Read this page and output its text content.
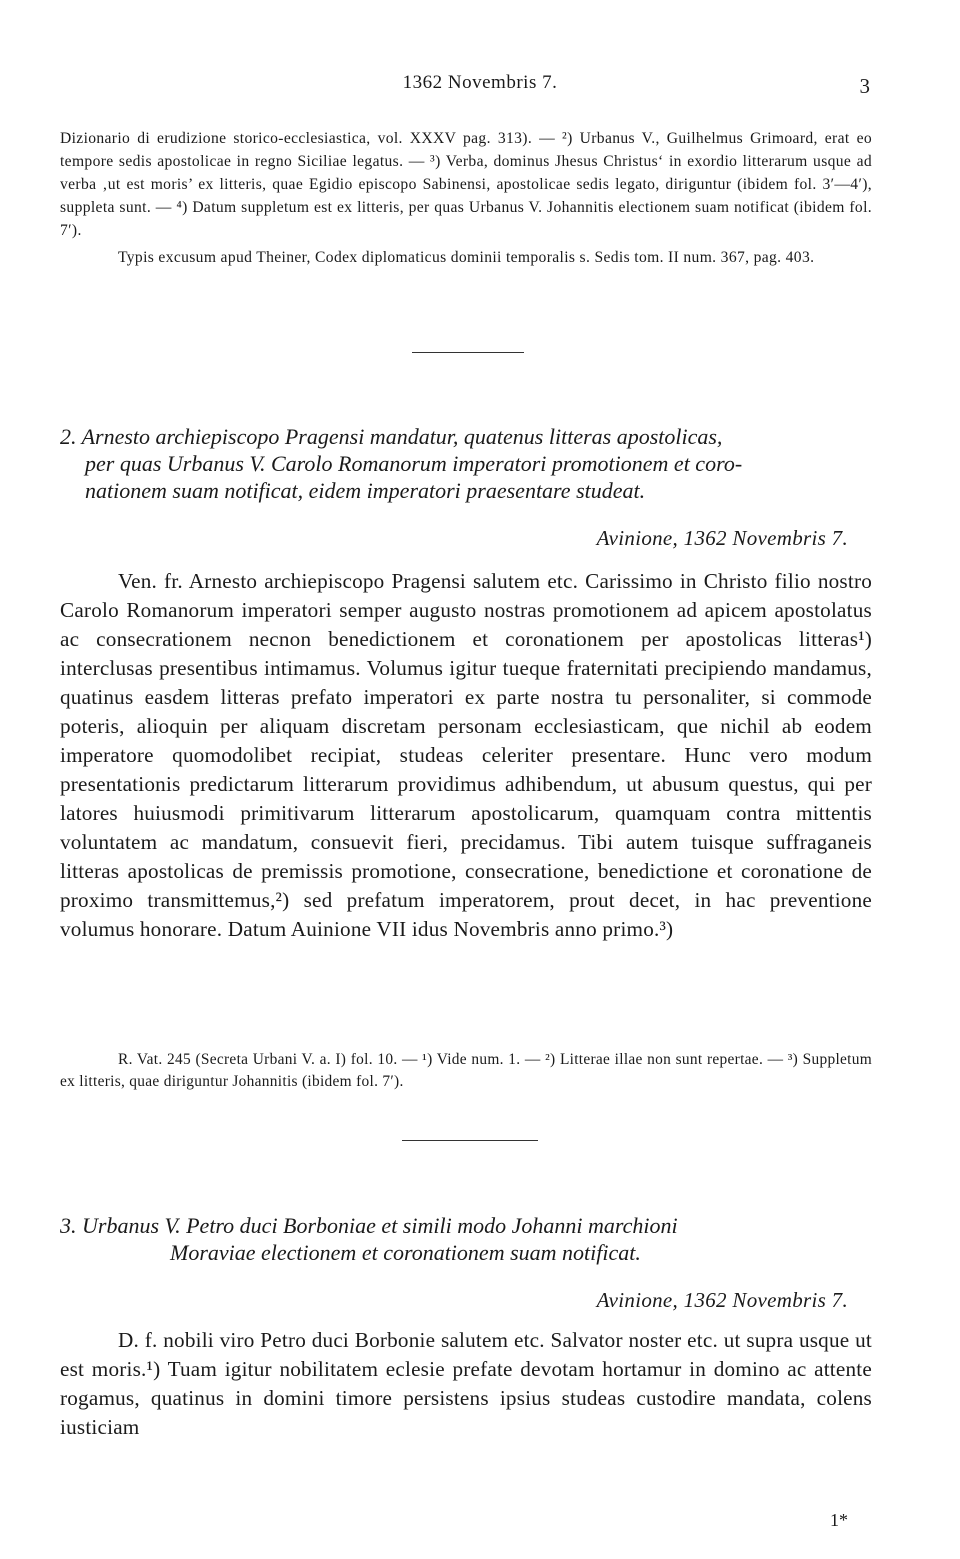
1362 Novembris 7.	3

Dizionario di erudizione storico-ecclesiastica, vol. XXXV pag. 313). — ²) Urbanus V., Guilhelmus Grimoard, erat eo tempore sedis apostolicae in regno Siciliae legatus. — ³) Verba, dominus Jhesus Christus‘ in exordio litterarum usque ad verba ‚ut est moris’ ex litteris, quae Egidio episcopo Sabinensi, apostolicae sedis legato, diriguntur (ibidem fol. 3′—4′), suppleta sunt. — ⁴) Datum suppletum est ex litteris, per quas Urbanus V. Johannitis electionem suam notificat (ibidem fol. 7′).

Typis excusum apud Theiner, Codex diplomaticus dominii temporalis s. Sedis tom. II num. 367, pag. 403.

2. Arnesto archiepiscopo Pragensi mandatur, quatenus litteras apostolicas,
per quas Urbanus V. Carolo Romanorum imperatori promotionem et coro-
nationem suam notificat, eidem imperatori praesentare studeat.
Avinione, 1362 Novembris 7.

Ven. fr. Arnesto archiepiscopo Pragensi salutem etc. Carissimo in Christo filio nostro Carolo Romanorum imperatori semper augusto nostras promotionem ad apicem apostolatus ac consecrationem necnon benedictionem et coronationem per apostolicas litteras¹) interclusas presentibus intimamus. Volumus igitur tueque fraternitati precipiendo mandamus, quatinus easdem litteras prefato imperatori ex parte nostra tu personaliter, si commode poteris, alioquin per aliquam discretam personam ecclesiasticam, que nichil ab eodem imperatore quomodolibet recipiat, studeas celeriter presentare. Hunc vero modum presentationis predictarum litterarum providimus adhibendum, ut abusum questus, qui per latores huiusmodi primitivarum litterarum apostolicarum, quamquam contra mittentis voluntatem ac mandatum, consuevit fieri, precidamus. Tibi autem tuisque suffraganeis litteras apostolicas de premissis promotione, consecratione, benedictione et coronatione de proximo transmittemus,²) sed prefatum imperatorem, prout decet, in hac preventione volumus honorare. Datum Auinione VII idus Novembris anno primo.³)

R. Vat. 245 (Secreta Urbani V. a. I) fol. 10. — ¹) Vide num. 1. — ²) Litterae illae non sunt repertae. — ³) Suppletum ex litteris, quae diriguntur Johannitis (ibidem fol. 7′).

3. Urbanus V. Petro duci Borboniae et simili modo Johanni marchioni
Moraviae electionem et coronationem suam notificat.
Avinione, 1362 Novembris 7.

D. f. nobili viro Petro duci Borbonie salutem etc. Salvator noster etc. ut supra usque ut est moris.¹) Tuam igitur nobilitatem eclesie prefate devotam hortamur in domino ac attente rogamus, quatinus in domini timore persistens ipsius studeas custodire mandata, colens iusticiam

1*
